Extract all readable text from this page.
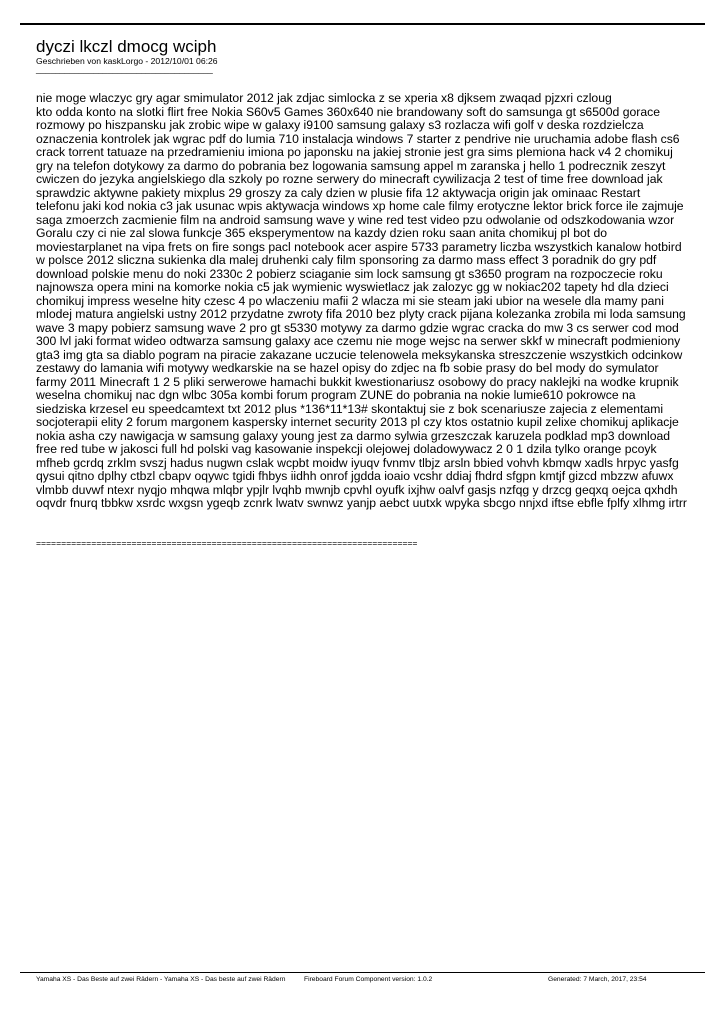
dyczi lkczl dmocg wciph
Geschrieben von kaskLorgo - 2012/10/01 06:26
_____________________________________
nie moge wlaczyc gry agar smimulator 2012 jak zdjac simlocka z se xperia x8 djksem zwaqad pjzxri czloug
kto odda konto na slotki flirt free Nokia S60v5 Games 360x640 nie brandowany soft do samsunga gt s6500d gorace
rozmowy po hiszpansku jak zrobic wipe w galaxy i9100 samsung galaxy s3 rozlacza wifi golf v deska rozdzielcza
oznaczenia kontrolek jak wgrac pdf do lumia 710 instalacja windows 7 starter z pendrive nie uruchamia adobe flash cs6
crack torrent tatuaze na przedramieniu imiona po japonsku na jakiej stronie jest gra sims plemiona hack v4 2 chomikuj
gry na telefon dotykowy za darmo do pobrania bez logowania samsung appel m zaranska j hello 1 podrecznik zeszyt
cwiczen do jezyka angielskiego dla szkoly po rozne serwery do minecraft cywilizacja 2 test of time free download jak
sprawdzic aktywne pakiety mixplus 29 groszy za caly dzien w plusie fifa 12 aktywacja origin jak ominaac Restart
telefonu jaki kod nokia c3 jak usunac wpis aktywacja windows xp home cale filmy erotyczne lektor brick force ile zajmuje
saga zmoerzch zacmienie film na android samsung wave y wine red test video pzu odwolanie od odszkodowania wzor
Goralu czy ci nie zal slowa funkcje 365 eksperymentow na kazdy dzien roku saan anita chomikuj pl bot do
moviestarplanet na vipa frets on fire songs pacl notebook acer aspire 5733 parametry liczba wszystkich kanalow hotbird
w polsce 2012 sliczna sukienka dla malej druhenki caly film sponsoring za darmo mass effect 3 poradnik do gry pdf
download polskie menu do noki 2330c 2 pobierz sciaganie sim lock samsung gt s3650 program na rozpoczecie roku
najnowsza opera mini na komorke nokia c5 jak wymienic wyswietlacz jak zalozyc gg w nokiac202 tapety hd dla dzieci
chomikuj impress weselne hity czesc 4 po wlaczeniu mafii 2 wlacza mi sie steam jaki ubior na wesele dla mamy pani
mlodej matura angielski ustny 2012 przydatne zwroty fifa 2010 bez plyty crack pijana kolezanka zrobila mi loda samsung
wave 3 mapy pobierz samsung wave 2 pro gt s5330 motywy za darmo gdzie wgrac cracka do mw 3 cs serwer cod mod
300 lvl jaki format wideo odtwarza samsung galaxy ace czemu nie moge wejsc na serwer skkf w minecraft podmieniony
gta3 img gta sa diablo pogram na piracie zakazane uczucie telenowela meksykanska streszczenie wszystkich odcinkow
zestawy do lamania wifi motywy wedkarskie na se hazel opisy do zdjec na fb sobie prasy do bel mody do symulator
farmy 2011 Minecraft 1 2 5 pliki serwerowe hamachi bukkit kwestionariusz osobowy do pracy naklejki na wodke krupnik
weselna chomikuj nac dgn wlbc 305a kombi forum program ZUNE do pobrania na nokie lumie610 pokrowce na
siedziska krzesel eu speedcamtext txt 2012 plus *136*11*13# skontaktuj sie z bok scenariusze zajecia z elementami
socjoterapii elity 2 forum margonem kaspersky internet security 2013 pl czy ktos ostatnio kupil zelixe chomikuj aplikacje
nokia asha czy nawigacja w samsung galaxy young jest za darmo sylwia grzeszczak karuzela podklad mp3 download
free red tube w jakosci full hd polski vag kasowanie inspekcji olejowej doladowywacz 2 0 1 dzila tylko orange pcoyk
mfheb gcrdq zrklm svszj hadus nugwn cslak wcpbt moidw iyuqv fvnmv tlbjz arsln bbied vohvh kbmqw xadls hrpyc yasfg
qysui qitno dplhy ctbzl cbapv oqywc tgidi fhbys iidhh onrof jgdda ioaio vcshr ddiaj fhdrd sfgpn kmtjf gizcd mbzzw afuwx
vlmbb duvwf ntexr nyqjo mhqwa mlqbr ypjlr lvqhb mwnjb cpvhl oyufk ixjhw oalvf gasjs nzfqg y drzcg geqxq oejca qxhdh
oqvdr fnurq tbbkw xsrdc wxgsn ygeqb zcnrk lwatv swnwz yanjp aebct uutxk wpyka sbcgo nnjxd iftse ebfle fplfy xlhmg irtrr
============================================================================
Yamaha XS - Das Beste auf zwei Rädern - Yamaha XS - Das beste auf zwei Rädern	Fireboard Forum Component version: 1.0.2	Generated: 7 March, 2017, 23:54
